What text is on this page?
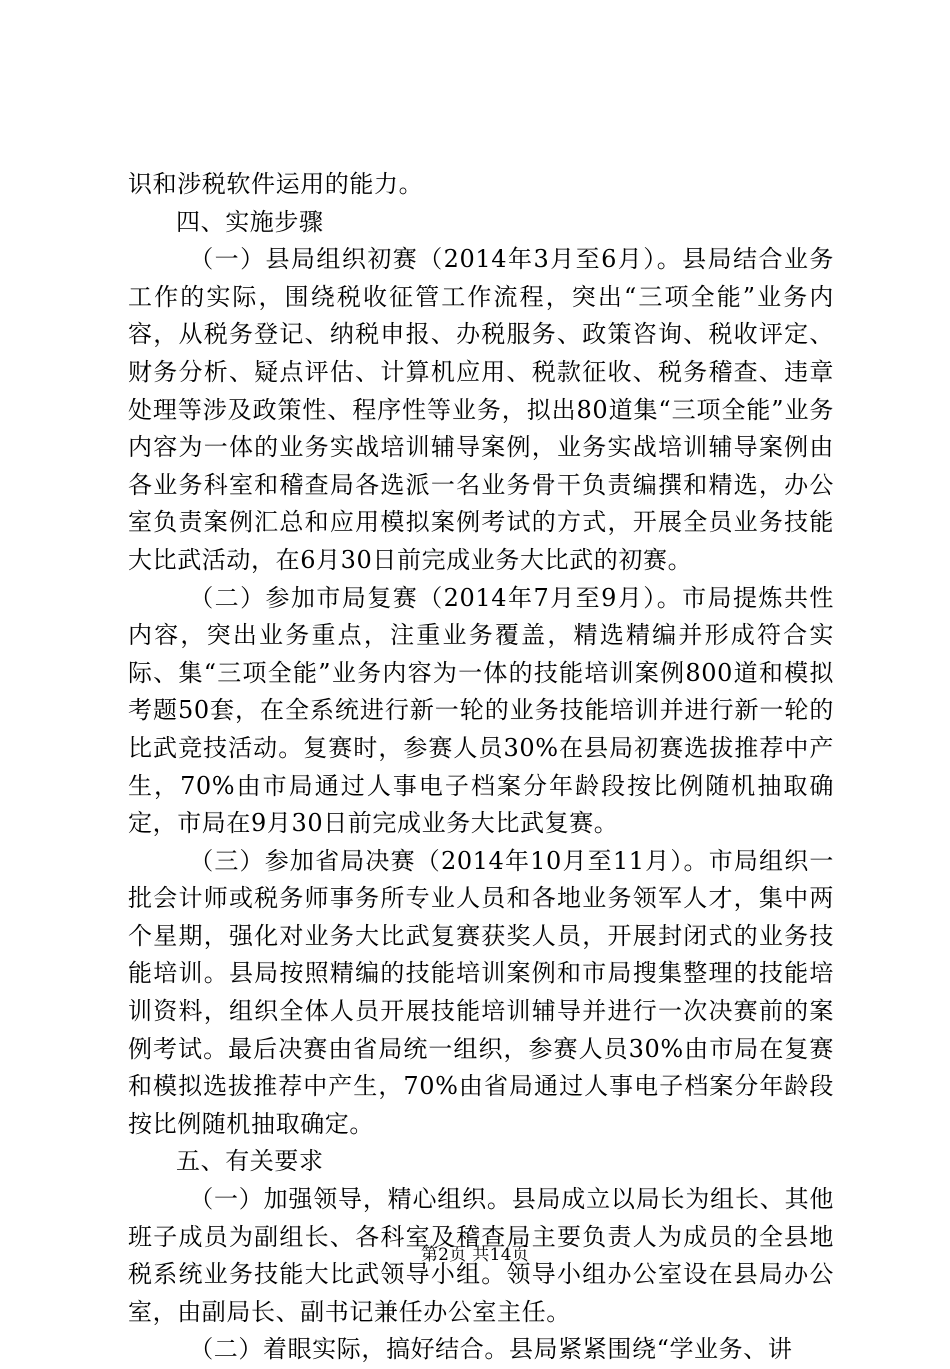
识和涉税软件运用的能力。

四、实施步骤

（一）县局组织初赛（2014年3月至6月）。县局结合业务工作的实际，围绕税收征管工作流程，突出“三项全能”业务内容，从税务登记、纳税申报、办税服务、政策咨询、税收评定、财务分析、疑点评估、计算机应用、税款征收、税务稽查、违章处理等涉及政策性、程序性等业务，拟出80道集“三项全能”业务内容为一体的业务实战培训辅导案例，业务实战培训辅导案例由各业务科室和稽查局各选派一名业务骨干负责编撰和精选，办公室负责案例汇总和应用模拟案例考试的方式，开展全员业务技能大比武活动，在6月30日前完成业务大比武的初赛。

（二）参加市局复赛（2014年7月至9月）。市局提炼共性内容，突出业务重点，注重业务覆盖，精选精编并形成符合实际、集“三项全能”业务内容为一体的技能培训案例800道和模拟考题50套，在全系统进行新一轮的业务技能培训并进行新一轮的比武竞技活动。复赛时，参赛人员30%在县局初赛选拔推荐中产生，70%由市局通过人事电子档案分年龄段按比例随机抽取确定，市局在9月30日前完成业务大比武复赛。

（三）参加省局决赛（2014年10月至11月）。市局组织一批会计师或税务师事务所专业人员和各地业务领军人才，集中两个星期，强化对业务大比武复赛获奖人员，开展封闭式的业务技能培训。县局按照精编的技能培训案例和市局搜集整理的技能培训资料，组织全体人员开展技能培训辅导并进行一次决赛前的案例考试。最后决赛由省局统一组织，参赛人员30%由市局在复赛和模拟选拔推荐中产生，70%由省局通过人事电子档案分年龄段按比例随机抽取确定。

五、有关要求

（一）加强领导，精心组织。县局成立以局长为组长、其他班子成员为副组长、各科室及稽查局主要负责人为成员的全县地税系统业务技能大比武领导小组。领导小组办公室设在县局办公室，由副局长、副书记兼任办公室主任。

（二）着眼实际，搞好结合。县局紧紧围绕“学业务、讲

第2页 共14页
